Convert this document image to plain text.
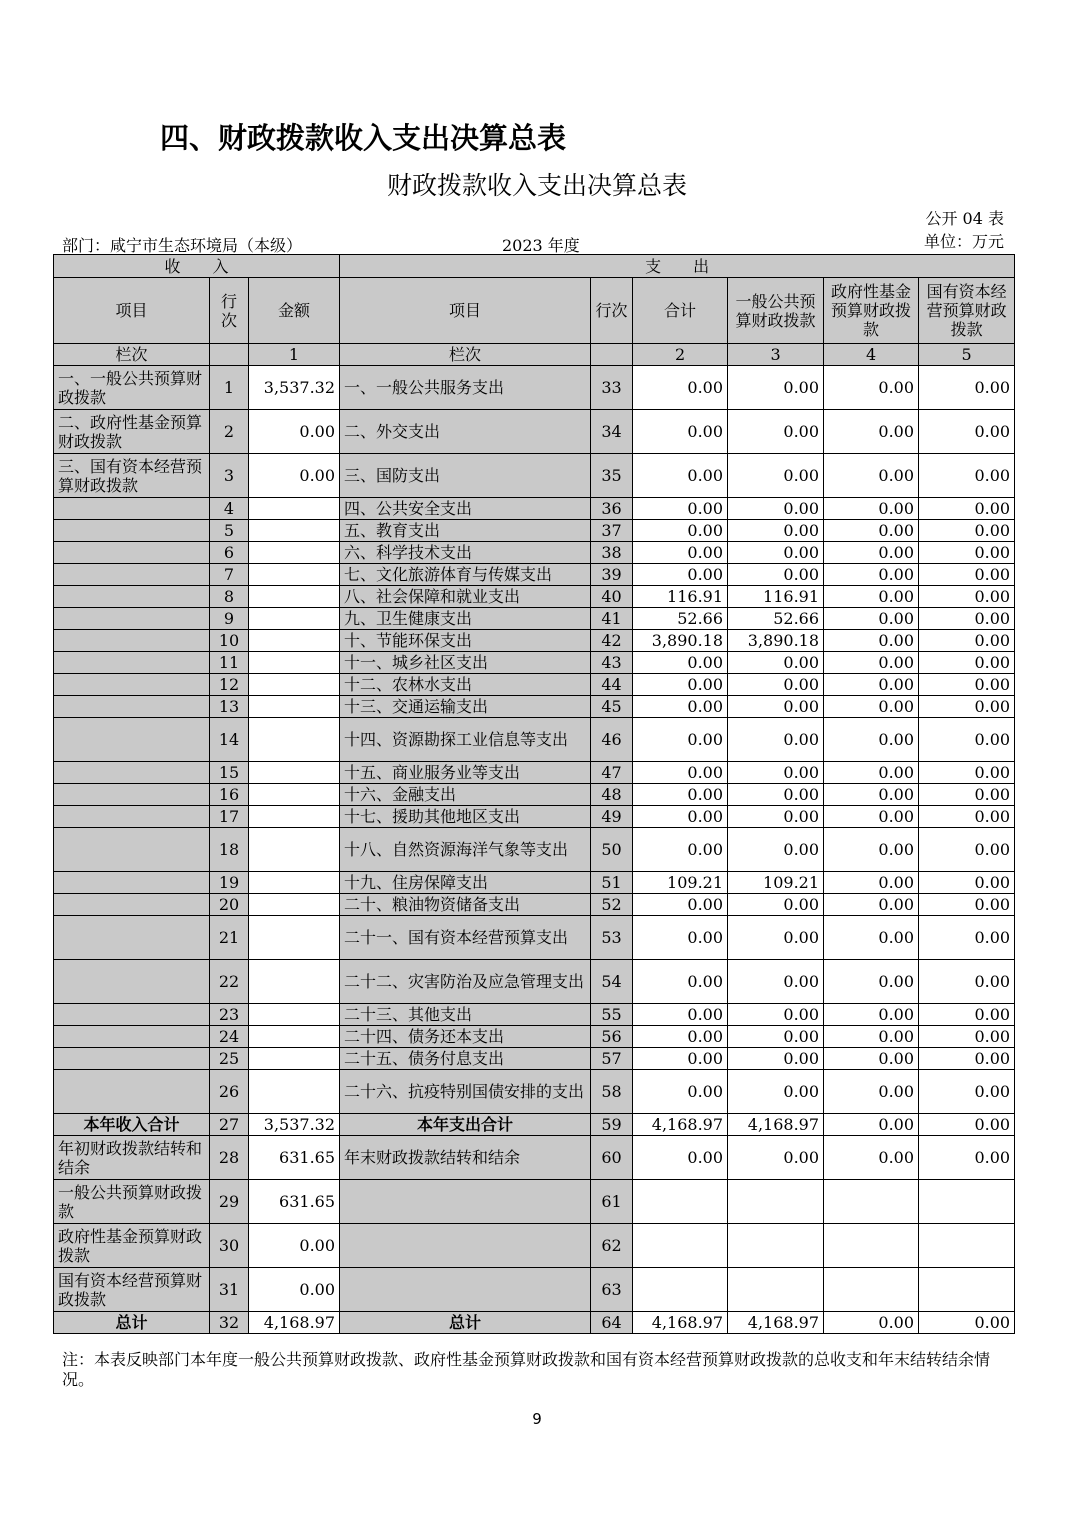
四、财政拨款收入支出决算总表
财政拨款收入支出决算总表
公开 04 表
单位：万元
部门：咸宁市生态环境局（本级）	2023 年度
收　　入			支　　出					
项目	行次	金额	项目	行次	合计	一般公共预算财政拨款	政府性基金预算财政拨款	国有资本经营预算财政拨款
栏次		1	栏次		2	3	4	5
一、一般公共预算财政拨款	1	3,537.32	一、一般公共服务支出	33	0.00	0.00	0.00	0.00
二、政府性基金预算财政拨款	2	0.00	二、外交支出	34	0.00	0.00	0.00	0.00
三、国有资本经营预算财政拨款	3	0.00	三、国防支出	35	0.00	0.00	0.00	0.00
	4		四、公共安全支出	36	0.00	0.00	0.00	0.00
	5		五、教育支出	37	0.00	0.00	0.00	0.00
	6		六、科学技术支出	38	0.00	0.00	0.00	0.00
	7		七、文化旅游体育与传媒支出	39	0.00	0.00	0.00	0.00
	8		八、社会保障和就业支出	40	116.91	116.91	0.00	0.00
	9		九、卫生健康支出	41	52.66	52.66	0.00	0.00
	10		十、节能环保支出	42	3,890.18	3,890.18	0.00	0.00
	11		十一、城乡社区支出	43	0.00	0.00	0.00	0.00
	12		十二、农林水支出	44	0.00	0.00	0.00	0.00
	13		十三、交通运输支出	45	0.00	0.00	0.00	0.00
	14		十四、资源勘探工业信息等支出	46	0.00	0.00	0.00	0.00
	15		十五、商业服务业等支出	47	0.00	0.00	0.00	0.00
	16		十六、金融支出	48	0.00	0.00	0.00	0.00
	17		十七、援助其他地区支出	49	0.00	0.00	0.00	0.00
	18		十八、自然资源海洋气象等支出	50	0.00	0.00	0.00	0.00
	19		十九、住房保障支出	51	109.21	109.21	0.00	0.00
	20		二十、粮油物资储备支出	52	0.00	0.00	0.00	0.00
	21		二十一、国有资本经营预算支出	53	0.00	0.00	0.00	0.00
	22		二十二、灾害防治及应急管理支出	54	0.00	0.00	0.00	0.00
	23		二十三、其他支出	55	0.00	0.00	0.00	0.00
	24		二十四、债务还本支出	56	0.00	0.00	0.00	0.00
	25		二十五、债务付息支出	57	0.00	0.00	0.00	0.00
	26		二十六、抗疫特别国债安排的支出	58	0.00	0.00	0.00	0.00
本年收入合计	27	3,537.32	本年支出合计	59	4,168.97	4,168.97	0.00	0.00
年初财政拨款结转和结余	28	631.65	年末财政拨款结转和结余	60	0.00	0.00	0.00	0.00
一般公共预算财政拨款	29	631.65		61				
政府性基金预算财政拨款	30	0.00		62				
国有资本经营预算财政拨款	31	0.00		63				
总计	32	4,168.97	总计	64	4,168.97	4,168.97	0.00	0.00
注：本表反映部门本年度一般公共预算财政拨款、政府性基金预算财政拨款和国有资本经营预算财政拨款的总收支和年末结转结余情况。
9
